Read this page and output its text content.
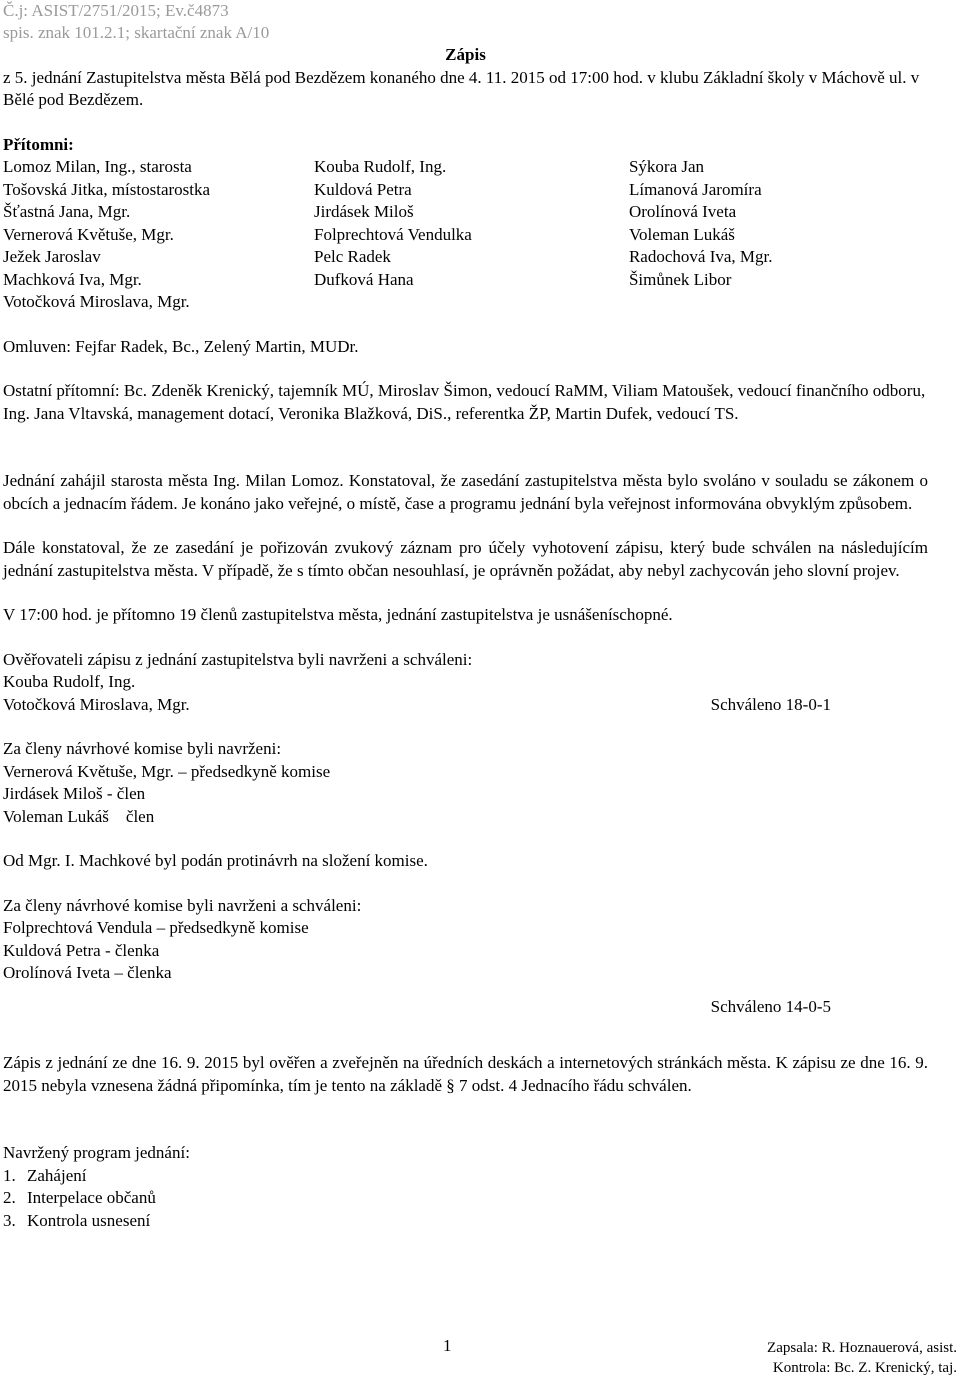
Č.j: ASIST/2751/2015; Ev.č4873
spis. znak 101.2.1; skartační znak A/10
Zápis
z 5. jednání Zastupitelstva města Bělá pod Bezdězem konaného dne 4. 11. 2015 od 17:00 hod. v klubu Základní školy v Máchově ul. v Bělé pod Bezdězem.
Přítomni:
Lomoz Milan, Ing., starosta
Tošovská Jitka, místostarostka
Šťastná Jana, Mgr.
Vernerová Květuše, Mgr.
Ježek Jaroslav
Machková Iva, Mgr.
Votočková Miroslava, Mgr.
Kouba Rudolf, Ing.
Kuldová Petra
Jirdásek Miloš
Folprechtová Vendulka
Pelc Radek
Dufková Hana
Sýkora Jan
Límanová Jaromíra
Orolínová Iveta
Voleman Lukáš
Radochová Iva, Mgr.
Šimůnek Libor
Omluven: Fejfar Radek, Bc., Zelený Martin, MUDr.
Ostatní přítomní: Bc. Zdeněk Krenický, tajemník MÚ, Miroslav Šimon, vedoucí RaMM, Viliam Matoušek, vedoucí finančního odboru, Ing. Jana Vltavská, management dotací, Veronika Blažková, DiS., referentka ŽP, Martin Dufek, vedoucí TS.
Jednání zahájil starosta města Ing. Milan Lomoz. Konstatoval, že zasedání zastupitelstva města bylo svoláno v souladu se zákonem o obcích a jednacím řádem. Je konáno jako veřejné, o místě, čase a programu jednání byla veřejnost informována obvyklým způsobem.
Dále konstatoval, že ze zasedání je pořizován zvukový záznam pro účely vyhotovení zápisu, který bude schválen na následujícím jednání zastupitelstva města. V případě, že s tímto občan nesouhlasí, je oprávněn požádat, aby nebyl zachycován jeho slovní projev.
V 17:00 hod. je přítomno 19 členů zastupitelstva města, jednání zastupitelstva je usnášeníschopné.
Ověřovateli zápisu z jednání zastupitelstva byli navrženi a schváleni:
Kouba Rudolf, Ing.
Votočková Miroslava, Mgr.	Schváleno 18-0-1
Za členy návrhové komise byli navrženi:
Vernerová Květuše, Mgr. – předsedkyně komise
Jirdásek Miloš - člen
Voleman Lukáš    člen
Od Mgr. I. Machkové byl podán protinávrh na složení komise.
Za členy návrhové komise byli navrženi a schváleni:
Folprechtová Vendula – předsedkyně komise
Kuldová Petra - členka
Orolínová Iveta – členka
Schváleno 14-0-5
Zápis z jednání ze dne 16. 9. 2015 byl ověřen a zveřejněn na úředních deskách a internetových stránkách města. K zápisu ze dne 16. 9. 2015 nebyla vznesena žádná připomínka, tím je tento na základě § 7 odst. 4 Jednacího řádu schválen.
Navržený program jednání:
1. Zahájení
2. Interpelace občanů
3. Kontrola usnesení
1	Zapsala: R. Hoznauerová, asist.
Kontrola: Bc. Z. Krenický, taj.
